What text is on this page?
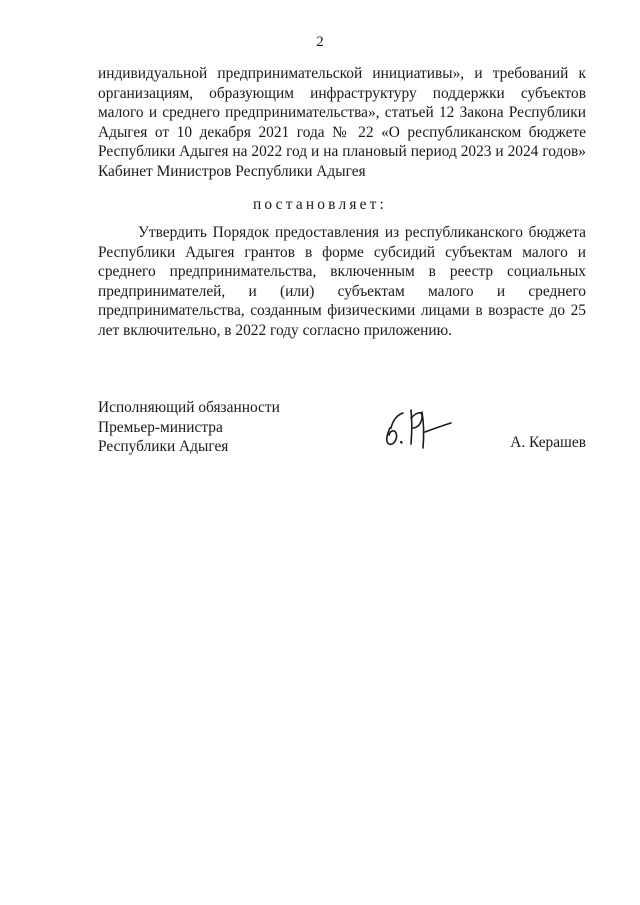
2

индивидуальной предпринимательской инициативы», и требований к организациям, образующим инфраструктуру поддержки субъектов малого и среднего предпринимательства», статьей 12 Закона Республики Адыгея от 10 декабря 2021 года № 22 «О республиканском бюджете Республики Адыгея на 2022 год и на плановый период 2023 и 2024 годов» Кабинет Министров Республики Адыгея

постановляет:

Утвердить Порядок предоставления из республиканского бюджета Республики Адыгея грантов в форме субсидий субъектам малого и среднего предпринимательства, включенным в реестр социальных предпринимателей, и (или) субъектам малого и среднего предпринимательства, созданным физическими лицами в возрасте до 25 лет включительно, в 2022 году согласно приложению.

Исполняющий обязанности
Премьер-министра
Республики Адыгея	А. Керашев
